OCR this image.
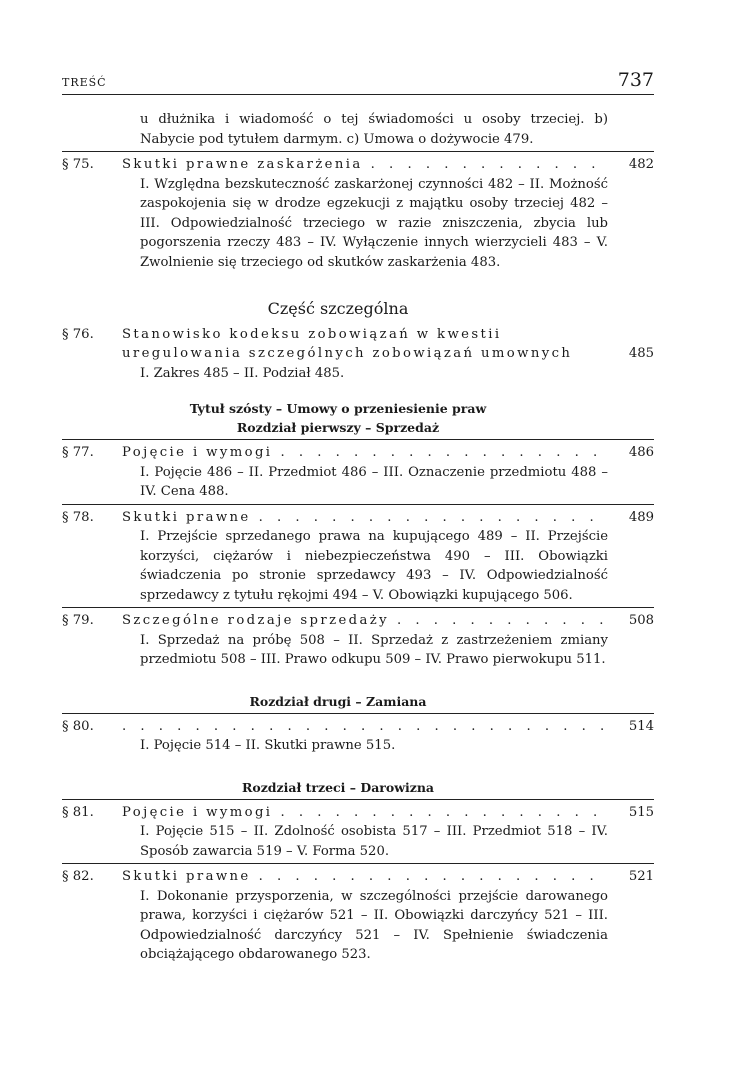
TREŚĆ	737
u dłużnika i wiadomość o tej świadomości u osoby trzeciej. b) Nabycie pod tytułem darmym. c) Umowa o dożywocie 479.
§ 75.	Skutki prawne zaskarżenia . . .	482
I. Względna bezskuteczność zaskarżonej czynności 482 – II. Możność zaspokojenia się w drodze egzekucji z majątku osoby trzeciej 482 – III. Odpowiedzialność trzeciego w razie zniszczenia, zbycia lub pogorszenia rzeczy 483 – IV. Wyłączenie innych wierzycieli 483 – V. Zwolnienie się trzeciego od skutków zaskarżenia 483.
Część szczególna
§ 76.	Stanowisko kodeksu zobowiązań w kwestii uregulowania szczególnych zobowiązań umownych	485
I. Zakres 485 – II. Podział 485.
Tytuł szósty – Umowy o przeniesienie praw
Rozdział pierwszy – Sprzedaż
§ 77.	Pojęcie i wymogi . . .	486
I. Pojęcie 486 – II. Przedmiot 486 – III. Oznaczenie przedmiotu 488 – IV. Cena 488.
§ 78.	Skutki prawne . . .	489
I. Przejście sprzedanego prawa na kupującego 489 – II. Przejście korzyści, ciężarów i niebezpieczeństwa 490 – III. Obowiązki świadczenia po stronie sprzedawcy 493 – IV. Odpowiedzialność sprzedawcy z tytułu rękojmi 494 – V. Obowiązki kupującego 506.
§ 79.	Szczególne rodzaje sprzedaży . . .	508
I. Sprzedaż na próbę 508 – II. Sprzedaż z zastrzeżeniem zmiany przedmiotu 508 – III. Prawo odkupu 509 – IV. Prawo pierwokupu 511.
Rozdział drugi – Zamiana
§ 80. . . .	514
I. Pojęcie 514 – II. Skutki prawne 515.
Rozdział trzeci – Darowizna
§ 81.	Pojęcie i wymogi . . .	515
I. Pojęcie 515 – II. Zdolność osobista 517 – III. Przedmiot 518 – IV. Sposób zawarcia 519 – V. Forma 520.
§ 82.	Skutki prawne . . .	521
I. Dokonanie przysporzenia, w szczególności przejście darowanego prawa, korzyści i ciężarów 521 – II. Obowiązki darczyńcy 521 – III. Odpowiedzialność darczyńcy 521 – IV. Spełnienie świadczenia obciążającego obdarowanego 523.
